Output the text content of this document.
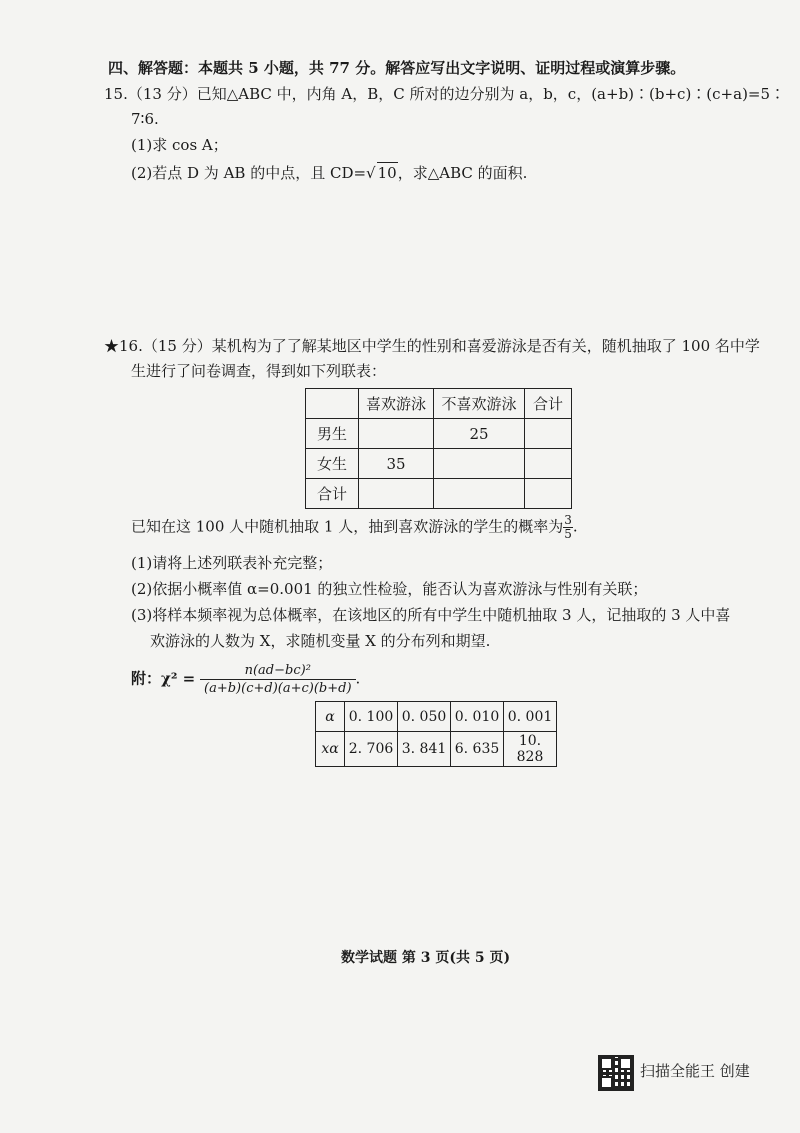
四、解答题：本题共 5 小题，共 77 分。解答应写出文字说明、证明过程或演算步骤。
15.（13 分）已知△ABC 中，内角 A，B，C 所对的边分别为 a，b，c，(a+b)∶(b+c)∶(c+a)=5∶
7∶6.
(1)求 cos A；
(2)若点 D 为 AB 的中点，且 CD=√ 10，求△ABC 的面积.
★16.（15 分）某机构为了了解某地区中学生的性别和喜爱游泳是否有关，随机抽取了 100 名中学
生进行了问卷调查，得到如下列联表：
	喜欢游泳	不喜欢游泳	合计
男生		25	
女生	35		
合计			
已知在这 100 人中随机抽取 1 人，抽到喜欢游泳的学生的概率为 $\frac{3}{5}$ .
(1)请将上述列联表补充完整；
(2)依据小概率值 α=0.001 的独立性检验，能否认为喜欢游泳与性别有关联；
(3)将样本频率视为总体概率，在该地区的所有中学生中随机抽取 3 人，记抽取的 3 人中喜
欢游泳的人数为 X，求随机变量 X 的分布列和期望.
附：$\chi^2 = \frac{\text{n(ad−bc)²}}{(a+b)(c+d)(a+c)(b+d)}$ .
α	0. 100	0. 050	0. 010	0. 001
xα	2. 706	3. 841	6. 635	10. 828
数学试题 第 3 页(共 5 页)
扫描全能王 创建
